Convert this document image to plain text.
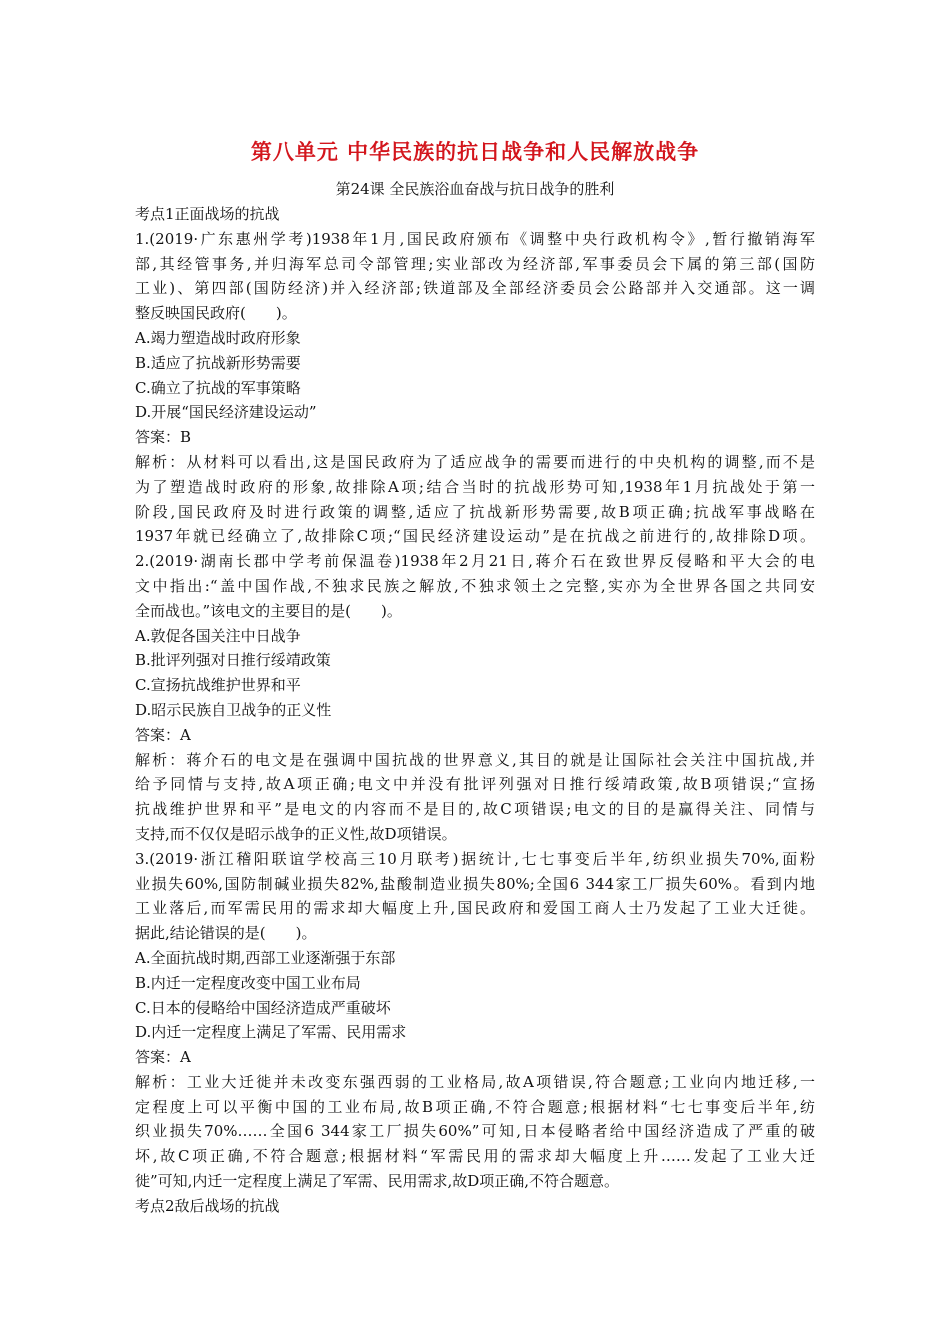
第八单元 中华民族的抗日战争和人民解放战争
第24课 全民族浴血奋战与抗日战争的胜利
考点1正面战场的抗战
1.(2019·广东惠州学考)1938年1月,国民政府颁布《调整中央行政机构令》,暂行撤销海军
部,其经管事务,并归海军总司令部管理;实业部改为经济部,军事委员会下属的第三部(国防
工业)、第四部(国防经济)并入经济部;铁道部及全部经济委员会公路部并入交通部。这一调
整反映国民政府(　　)。
A.竭力塑造战时政府形象
B.适应了抗战新形势需要
C.确立了抗战的军事策略
D.开展“国民经济建设运动”
答案：B
解析：从材料可以看出,这是国民政府为了适应战争的需要而进行的中央机构的调整,而不是
为了塑造战时政府的形象,故排除A项;结合当时的抗战形势可知,1938年1月抗战处于第一
阶段,国民政府及时进行政策的调整,适应了抗战新形势需要,故B项正确;抗战军事战略在
1937年就已经确立了,故排除C项;“国民经济建设运动”是在抗战之前进行的,故排除D项。
2.(2019·湖南长郡中学考前保温卷)1938年2月21日,蒋介石在致世界反侵略和平大会的电
文中指出:“盖中国作战,不独求民族之解放,不独求领土之完整,实亦为全世界各国之共同安
全而战也。”该电文的主要目的是(　　)。
A.敦促各国关注中日战争
B.批评列强对日推行绥靖政策
C.宣扬抗战维护世界和平
D.昭示民族自卫战争的正义性
答案：A
解析：蒋介石的电文是在强调中国抗战的世界意义,其目的就是让国际社会关注中国抗战,并
给予同情与支持,故A项正确;电文中并没有批评列强对日推行绥靖政策,故B项错误;“宣扬
抗战维护世界和平”是电文的内容而不是目的,故C项错误;电文的目的是赢得关注、同情与
支持,而不仅仅是昭示战争的正义性,故D项错误。
3.(2019·浙江稽阳联谊学校高三10月联考)据统计,七七事变后半年,纺织业损失70%,面粉
业损失60%,国防制碱业损失82%,盐酸制造业损失80%;全国6 344家工厂损失60%。看到内地
工业落后,而军需民用的需求却大幅度上升,国民政府和爱国工商人士乃发起了工业大迁徙。
据此,结论错误的是(　　)。
A.全面抗战时期,西部工业逐渐强于东部
B.内迁一定程度改变中国工业布局
C.日本的侵略给中国经济造成严重破坏
D.内迁一定程度上满足了军需、民用需求
答案：A
解析：工业大迁徙并未改变东强西弱的工业格局,故A项错误,符合题意;工业向内地迁移,一
定程度上可以平衡中国的工业布局,故B项正确,不符合题意;根据材料“七七事变后半年,纺
织业损失70%……全国6 344家工厂损失60%”可知,日本侵略者给中国经济造成了严重的破
坏,故C项正确,不符合题意;根据材料“军需民用的需求却大幅度上升……发起了工业大迁
徙”可知,内迁一定程度上满足了军需、民用需求,故D项正确,不符合题意。
考点2敌后战场的抗战
